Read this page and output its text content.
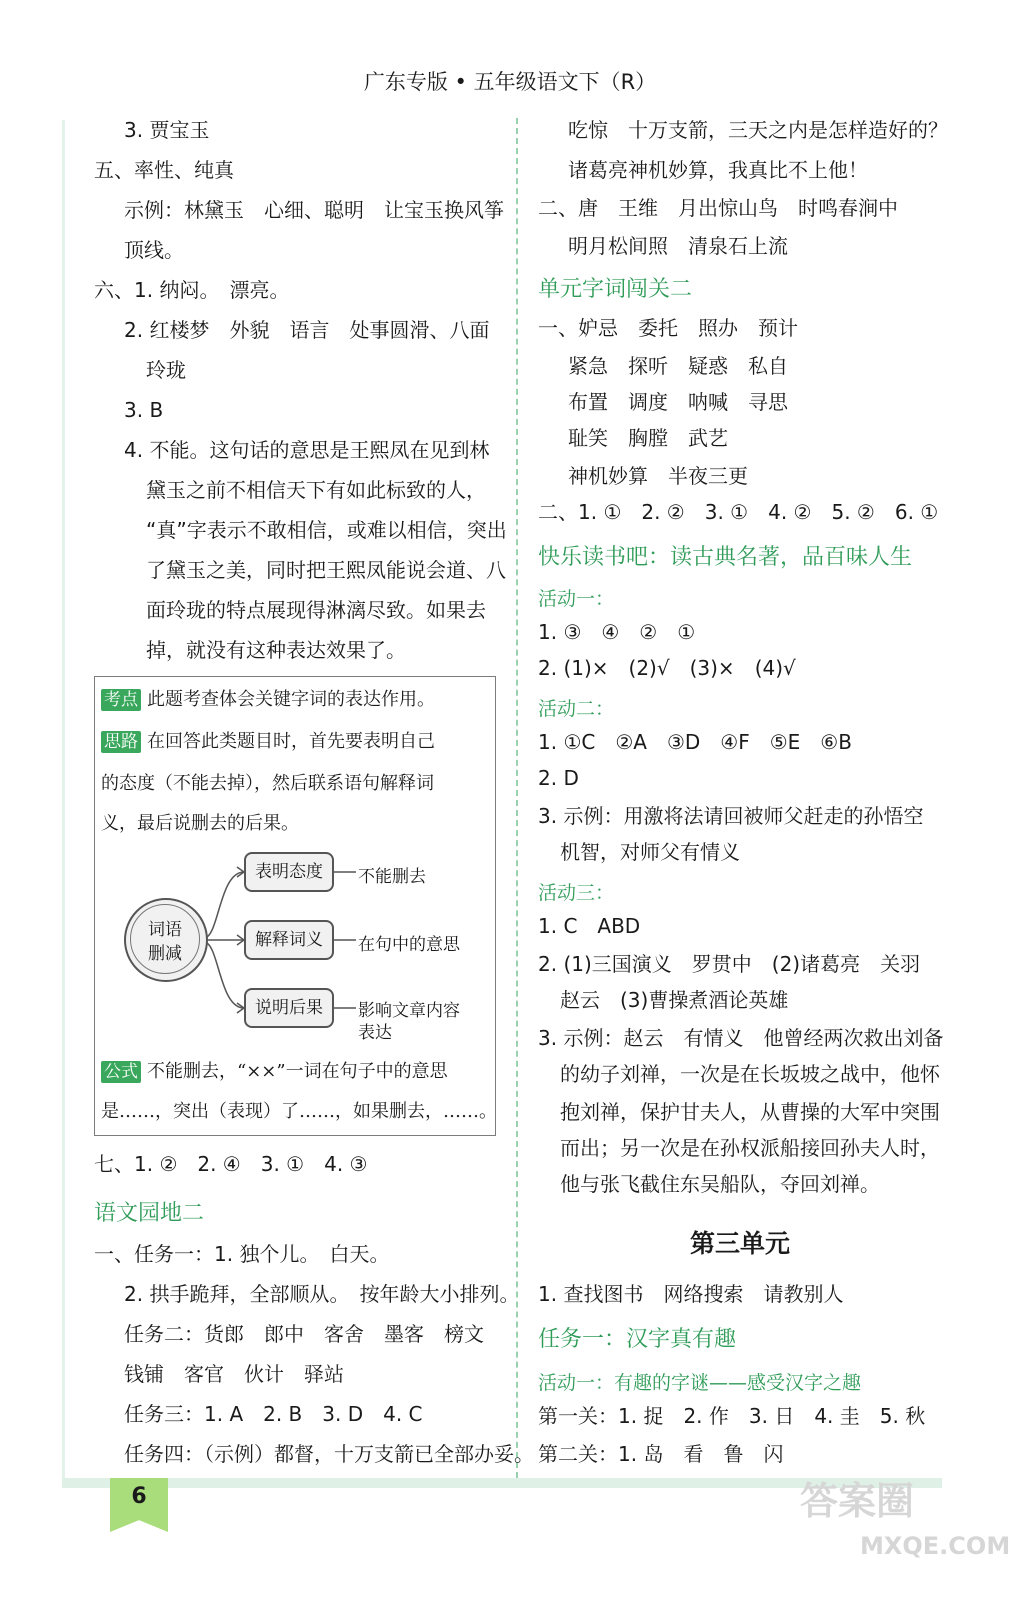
广东专版 • 五年级语文下（R）
3. 贾宝玉
五、率性、纯真
示例：林黛玉　心细、聪明　让宝玉换风筝
顶线。
六、1. 纳闷。　漂亮。
2. 红楼梦　外貌　语言　处事圆滑、八面
玲珑
3. B
4. 不能。这句话的意思是王熙凤在见到林
黛玉之前不相信天下有如此标致的人，
“真”字表示不敢相信，或难以相信，突出
了黛玉之美，同时把王熙凤能说会道、八
面玲珑的特点展现得淋漓尽致。如果去
掉，就没有这种表达效果了。
考点 此题考查体会关键字词的表达作用。
思路 在回答此类题目时，首先要表明自己
的态度（不能去掉），然后联系语句解释词
义，最后说删去的后果。
公式 不能删去，“××”一词在句子中的意思
是……，突出（表现）了……，如果删去，……。
词语
删减
表明态度
解释词义
说明后果
不能删去
在句中的意思
影响文章内容
表达
七、1. ②　2. ④　3. ①　4. ③
语文园地二
一、任务一：1. 独个儿。　白天。
2. 拱手跪拜，全部顺从。　按年龄大小排列。
任务二：货郎　郎中　客舍　墨客　榜文
钱铺　客官　伙计　驿站
任务三：1. A　2. B　3. D　4. C
任务四：（示例）都督，十万支箭已全部办妥。
吃惊　十万支箭，三天之内是怎样造好的？
诸葛亮神机妙算，我真比不上他！
二、唐　王维　月出惊山鸟　时鸣春涧中
明月松间照　清泉石上流
单元字词闯关二
一、妒忌　委托　照办　预计
紧急　探听　疑惑　私自
布置　调度　呐喊　寻思
耻笑　胸膛　武艺
神机妙算　半夜三更
二、1. ①　2. ②　3. ①　4. ②　5. ②　6. ①
快乐读书吧：读古典名著，品百味人生
活动一：
1. ③　④　②　①
2. (1)×　(2)√　(3)×　(4)√
活动二：
1. ①C　②A　③D　④F　⑤E　⑥B
2. D
3. 示例：用激将法请回被师父赶走的孙悟空
机智，对师父有情义
活动三：
1. C　ABD
2. (1)三国演义　罗贯中　(2)诸葛亮　关羽
赵云　(3)曹操煮酒论英雄
3. 示例：赵云　有情义　他曾经两次救出刘备
的幼子刘禅，一次是在长坂坡之战中，他怀
抱刘禅，保护甘夫人，从曹操的大军中突围
而出；另一次是在孙权派船接回孙夫人时，
他与张飞截住东吴船队，夺回刘禅。
第三单元
1. 查找图书　网络搜索　请教别人
任务一：汉字真有趣
活动一：有趣的字谜——感受汉字之趣
第一关：1. 捉　2. 作　3. 日　4. 圭　5. 秋
第二关：1. 岛　看　鲁　闪
6	答案圈
MXQE.COM
